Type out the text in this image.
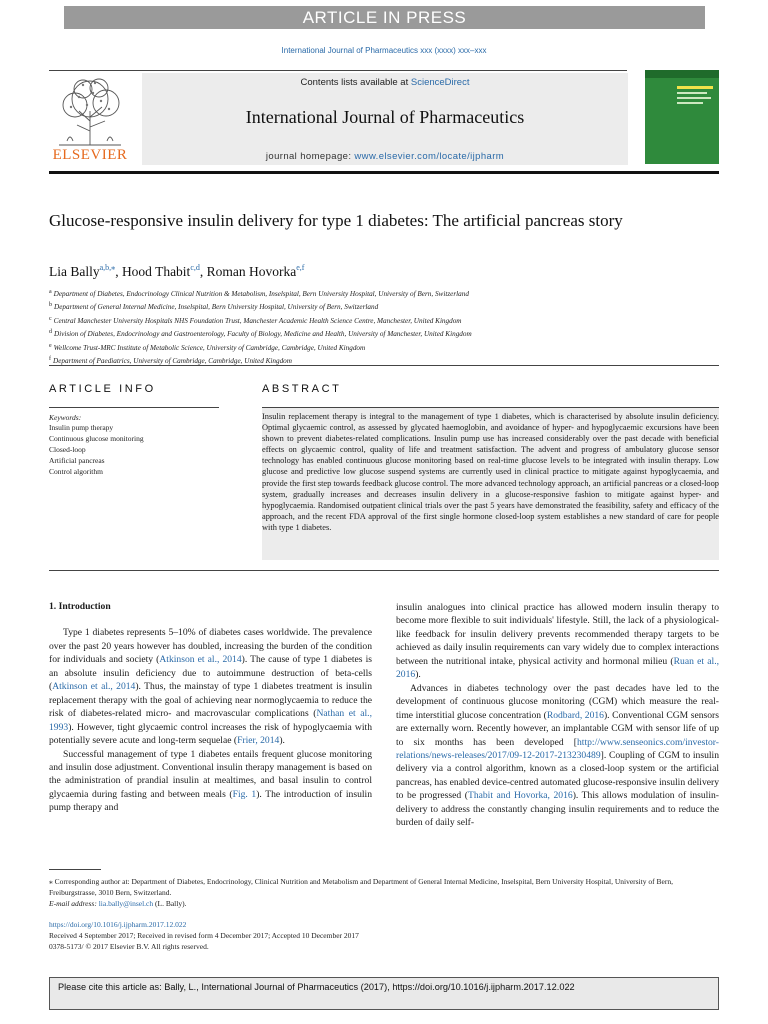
ARTICLE IN PRESS
International Journal of Pharmaceutics xxx (xxxx) xxx–xxx
ELSEVIER
Contents lists available at ScienceDirect
International Journal of Pharmaceutics
journal homepage: www.elsevier.com/locate/ijpharm
Glucose-responsive insulin delivery for type 1 diabetes: The artificial pancreas story
Lia Bally$^{a,b,⁎}$, Hood Thabit$^{c,d}$, Roman Hovorka$^{e,f}$
$^a$ Department of Diabetes, Endocrinology Clinical Nutrition & Metabolism, Inselspital, Bern University Hospital, University of Bern, Switzerland
$^b$ Department of General Internal Medicine, Inselspital, Bern University Hospital, University of Bern, Switzerland
$^c$ Central Manchester University Hospitals NHS Foundation Trust, Manchester Academic Health Science Centre, Manchester, United Kingdom
$^d$ Division of Diabetes, Endocrinology and Gastroenterology, Faculty of Biology, Medicine and Health, University of Manchester, United Kingdom
$^e$ Wellcome Trust-MRC Institute of Metabolic Science, University of Cambridge, Cambridge, United Kingdom
$^f$ Department of Paediatrics, University of Cambridge, Cambridge, United Kingdom
ARTICLE INFO	ABSTRACT
Keywords:
Insulin pump therapy
Continuous glucose monitoring
Closed-loop
Artificial pancreas
Control algorithm
Insulin replacement therapy is integral to the management of type 1 diabetes, which is characterised by absolute insulin deficiency. Optimal glycaemic control, as assessed by glycated haemoglobin, and avoidance of hyper- and hypoglycaemic excursions have been shown to prevent diabetes-related complications. Insulin pump use has increased considerably over the past decade with beneficial effects on glycaemic control, quality of life and treatment satisfaction. The advent and progress of ambulatory glucose sensor technology has enabled continuous glucose monitoring based on real-time glucose levels to be integrated with insulin therapy. Low glucose and predictive low glucose suspend systems are currently used in clinical practice to mitigate against hypoglycaemia, and provide the first step towards feedback glucose control. The more advanced technology approach, an artificial pancreas or a closed-loop system, gradually increases and decreases insulin delivery in a glucose-responsive fashion to mitigate against hyper- and hypoglycaemia. Randomised outpatient clinical trials over the past 5 years have demonstrated the feasibility, safety and efficacy of the approach, and the recent FDA approval of the first single hormone closed-loop system establishes a new standard of care for people with type 1 diabetes.
1. Introduction

Type 1 diabetes represents 5–10% of diabetes cases worldwide. The prevalence over the past 20 years however has doubled, increasing the burden of the condition for individuals and society (Atkinson et al., 2014). The cause of type 1 diabetes is an absolute insulin deficiency due to autoimmune destruction of beta-cells (Atkinson et al., 2014). Thus, the mainstay of type 1 diabetes treatment is insulin replacement therapy with the goal of achieving near normoglycaemia to reduce the risk of diabetes-related micro- and macrovascular complications (Nathan et al., 1993). However, tight glycaemic control increases the risk of hypoglycaemia with potentially severe acute and long-term sequelae (Frier, 2014).

Successful management of type 1 diabetes entails frequent glucose monitoring and insulin dose adjustment. Conventional insulin therapy management is based on the administration of prandial insulin at mealtimes, and basal insulin to control glycaemia during fasting and between meals (Fig. 1). The introduction of insulin pump therapy and

insulin analogues into clinical practice has allowed modern insulin therapy to become more flexible to suit individuals' lifestyle. Still, the lack of a physiological-like feedback for insulin delivery prevents recommended therapy targets to be achieved as daily insulin requirements can vary widely due to complex interactions between the nutritional intake, physical activity and hormonal milieu (Ruan et al., 2016).

Advances in diabetes technology over the past decades have led to the development of continuous glucose monitoring (CGM) which measure the real-time interstitial glucose concentration (Rodbard, 2016). Conventional CGM sensors are externally worn. Recently however, an implantable CGM with sensor life of up to six months has been developed [http://www.senseonics.com/investor-relations/news-releases/2017/09-12-2017-213230489]. Coupling of CGM to insulin delivery via a control algorithm, known as a closed-loop system or the artificial pancreas, has enabled device-centred automated glucose-responsive insulin delivery to be progressed (Thabit and Hovorka, 2016). This allows modulation of insulin-delivery to address the constantly changing insulin requirements and to reduce the burden of daily self-

⁎ Corresponding author at: Department of Diabetes, Endocrinology, Clinical Nutrition and Metabolism and Department of General Internal Medicine, Inselspital, Bern University Hospital, University of Bern, Freiburgstrasse, 3010 Bern, Switzerland.
E-mail address: lia.bally@insel.ch (L. Bally).
https://doi.org/10.1016/j.ijpharm.2017.12.022
Received 4 September 2017; Received in revised form 4 December 2017; Accepted 10 December 2017
0378-5173/ © 2017 Elsevier B.V. All rights reserved.
Please cite this article as: Bally, L., International Journal of Pharmaceutics (2017), https://doi.org/10.1016/j.ijpharm.2017.12.022
